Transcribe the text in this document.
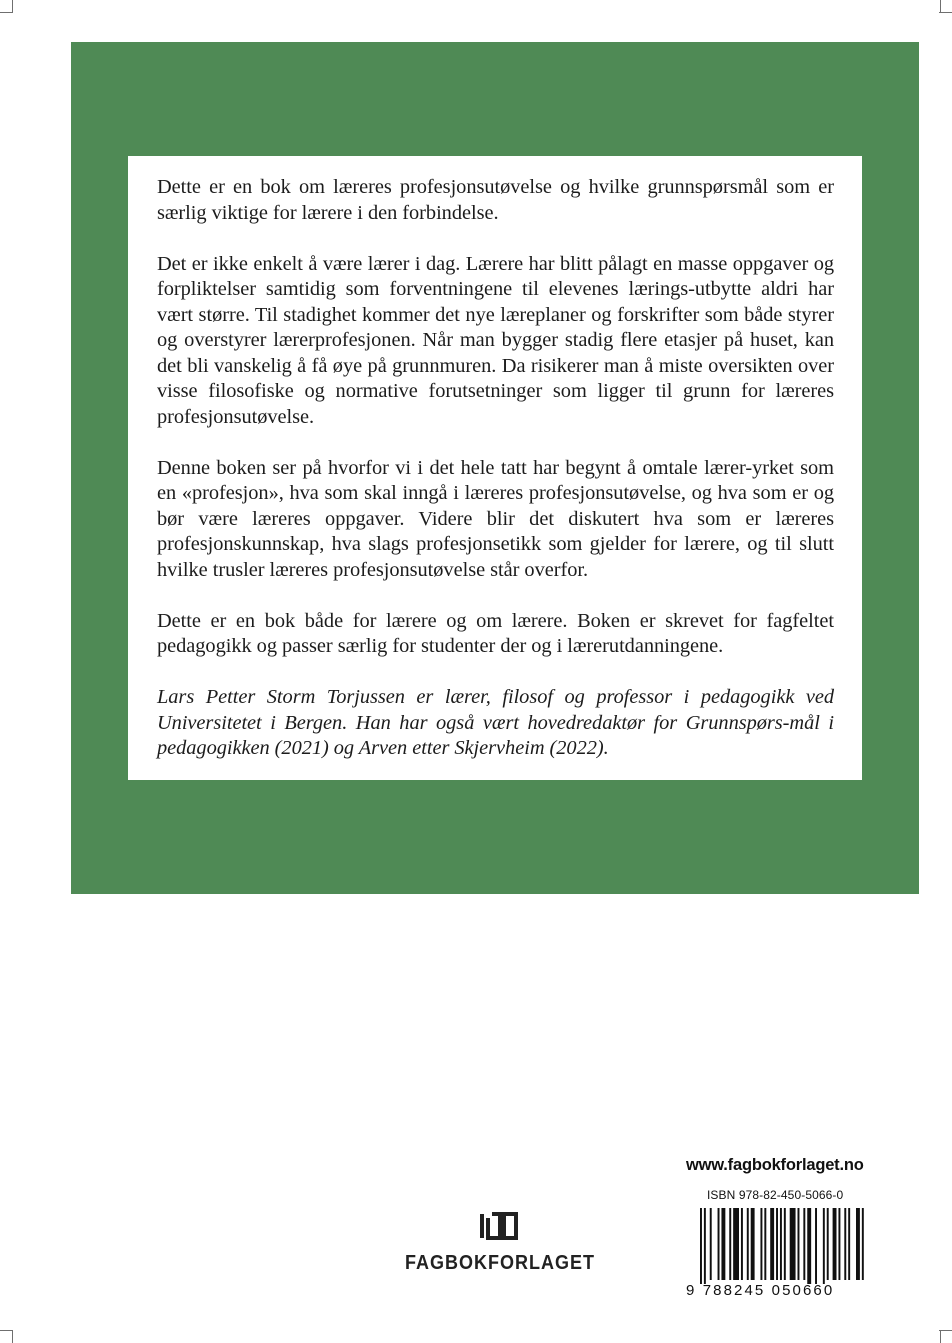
Dette er en bok om læreres profesjonsutøvelse og hvilke grunnspørsmål som er særlig viktige for lærere i den forbindelse.

Det er ikke enkelt å være lærer i dag. Lærere har blitt pålagt en masse oppgaver og forpliktelser samtidig som forventningene til elevenes lærings-utbytte aldri har vært større. Til stadighet kommer det nye læreplaner og forskrifter som både styrer og overstyrer lærerprofesjonen. Når man bygger stadig flere etasjer på huset, kan det bli vanskelig å få øye på grunnmuren. Da risikerer man å miste oversikten over visse filosofiske og normative forutsetninger som ligger til grunn for læreres profesjonsutøvelse.

Denne boken ser på hvorfor vi i det hele tatt har begynt å omtale lærer-yrket som en «profesjon», hva som skal inngå i læreres profesjonsutøvelse, og hva som er og bør være læreres oppgaver. Videre blir det diskutert hva som er læreres profesjonskunnskap, hva slags profesjonsetikk som gjelder for lærere, og til slutt hvilke trusler læreres profesjonsutøvelse står overfor.

Dette er en bok både for lærere og om lærere. Boken er skrevet for fagfeltet pedagogikk og passer særlig for studenter der og i lærerutdanningene.

Lars Petter Storm Torjussen er lærer, filosof og professor i pedagogikk ved Universitetet i Bergen. Han har også vært hovedredaktør for Grunnspørs-mål i pedagogikken (2021) og Arven etter Skjervheim (2022).

FAGBOKFORLAGET
www.fagbokforlaget.no
ISBN 978-82-450-5066-0
9 788245 050660
